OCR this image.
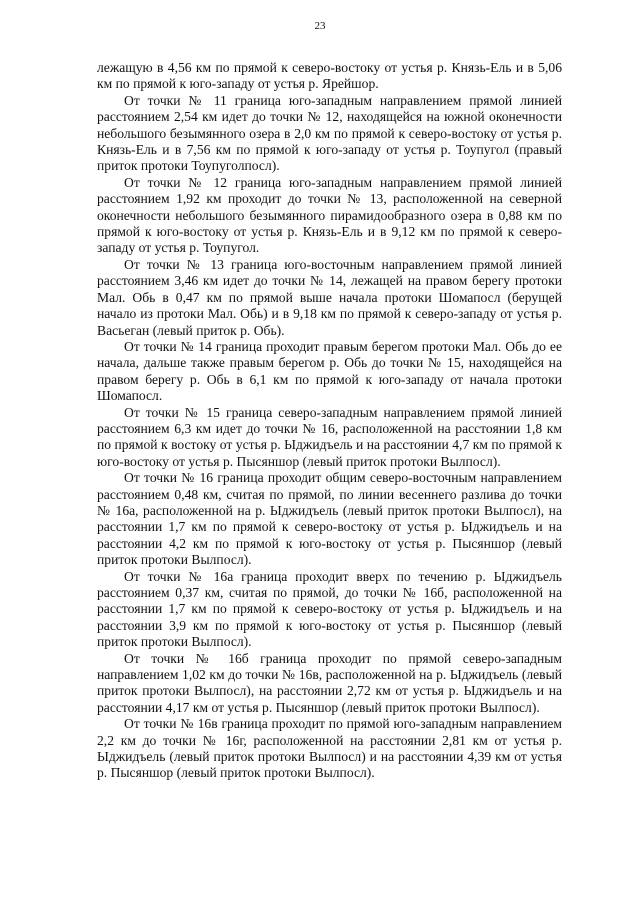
23

лежащую в 4,56 км по прямой к северо-востоку от устья р. Князь-Ель и в 5,06 км по прямой к юго-западу от устья р. Ярейшор.

От точки № 11 граница юго-западным направлением прямой линией расстоянием 2,54 км идет до точки № 12, находящейся на южной оконечности небольшого безымянного озера в 2,0 км по прямой к северо-востоку от устья р. Князь-Ель и в 7,56 км по прямой к юго-западу от устья р. Тоупугол (правый приток протоки Тоупуголпосл).

От точки № 12 граница юго-западным направлением прямой линией расстоянием 1,92 км проходит до точки № 13, расположенной на северной оконечности небольшого безымянного пирамидообразного озера в 0,88 км по прямой к юго-востоку от устья р. Князь-Ель и в 9,12 км по прямой к северо-западу от устья р. Тоупугол.

От точки № 13 граница юго-восточным направлением прямой линией расстоянием 3,46 км идет до точки № 14, лежащей на правом берегу протоки Мал. Обь в 0,47 км по прямой выше начала протоки Шомапосл (берущей начало из протоки Мал. Обь) и в 9,18 км по прямой к северо-западу от устья р. Васьеган (левый приток р. Обь).

От точки № 14 граница проходит правым берегом протоки Мал. Обь до ее начала, дальше также правым берегом р. Обь до точки № 15, находящейся на правом берегу р. Обь в 6,1 км по прямой к юго-западу от начала протоки Шомапосл.

От точки № 15 граница северо-западным направлением прямой линией расстоянием 6,3 км идет до точки № 16, расположенной на расстоянии 1,8 км по прямой к востоку от устья р. Ыджидъель и на расстоянии 4,7 км по прямой к юго-востоку от устья р. Пысяншор (левый приток протоки Вылпосл).

От точки № 16 граница проходит общим северо-восточным направлением расстоянием 0,48 км, считая по прямой, по линии весеннего разлива до точки № 16а, расположенной на р. Ыджидъель (левый приток протоки Вылпосл), на расстоянии 1,7 км по прямой к северо-востоку от устья р. Ыджидъель и на расстоянии 4,2 км по прямой к юго-востоку от устья р. Пысяншор (левый приток протоки Вылпосл).

От точки № 16а граница проходит вверх по течению р. Ыджидъель расстоянием 0,37 км, считая по прямой, до точки № 16б, расположенной на расстоянии 1,7 км по прямой к северо-востоку от устья р. Ыджидъель и на расстоянии 3,9 км по прямой к юго-востоку от устья р. Пысяншор (левый приток протоки Вылпосл).

От точки № 16б граница проходит по прямой северо-западным направлением 1,02 км до точки № 16в, расположенной на р. Ыджидъель (левый приток протоки Вылпосл), на расстоянии 2,72 км от устья р. Ыджидъель и на расстоянии 4,17 км от устья р. Пысяншор (левый приток протоки Вылпосл).

От точки № 16в граница проходит по прямой юго-западным направлением 2,2 км до точки № 16г, расположенной на расстоянии 2,81 км от устья р. Ыджидъель (левый приток протоки Вылпосл) и на расстоянии 4,39 км от устья р. Пысяншор (левый приток протоки Вылпосл).
